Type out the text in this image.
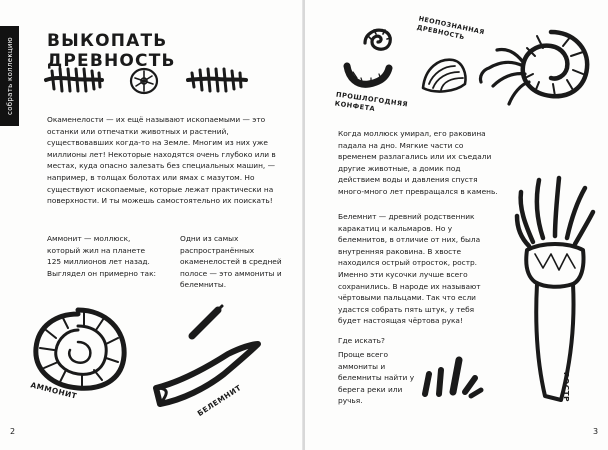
собрать коллекцию ВЫКОПАТЬ ДРЕВНОСТЬ

Окаменелости — их ещё называют ископаемыми — это останки или отпечатки животных и растений, существовавших когда-то на Земле. Многим из них уже миллионы лет! Некоторые находятся очень глубоко или в местах, куда опасно залезать без специальных машин, — например, в толщах болотах или ямах с мазутом. Но существуют ископаемые, которые лежат практически на поверхности. И ты можешь самостоятельно их поискать!

Аммонит — моллюск, который жил на планете 125 миллионов лет назад. Выглядел он примерно так:

Одни из самых распространённых окаменелостей в средней полосе — это аммониты и белемниты.

АММОНИТ	БЕЛЕМНИТ
2
ПРОШЛОГОДНЯЯ КОНФЕТА
НЕОПОЗНАННАЯ ДРЕВНОСТЬ

Когда моллюск умирал, его раковина падала на дно. Мягкие части со временем разлагались или их съедали другие животные, а домик под действием воды и давления спустя много-много лет превращался в камень.

Белемнит — древний родственник каракатиц и кальмаров. Но у белемнитов, в отличие от них, была внутренняя раковина. В хвосте находился острый отросток, ростр. Именно эти кусочки лучше всего сохранились. В народе их называют чёртовыми пальцами. Так что если удастся собрать пять штук, у тебя будет настоящая чёртова рука!

Где искать?

Проще всего аммониты и белемниты найти у берега реки или ручья.	РОСТР
3
